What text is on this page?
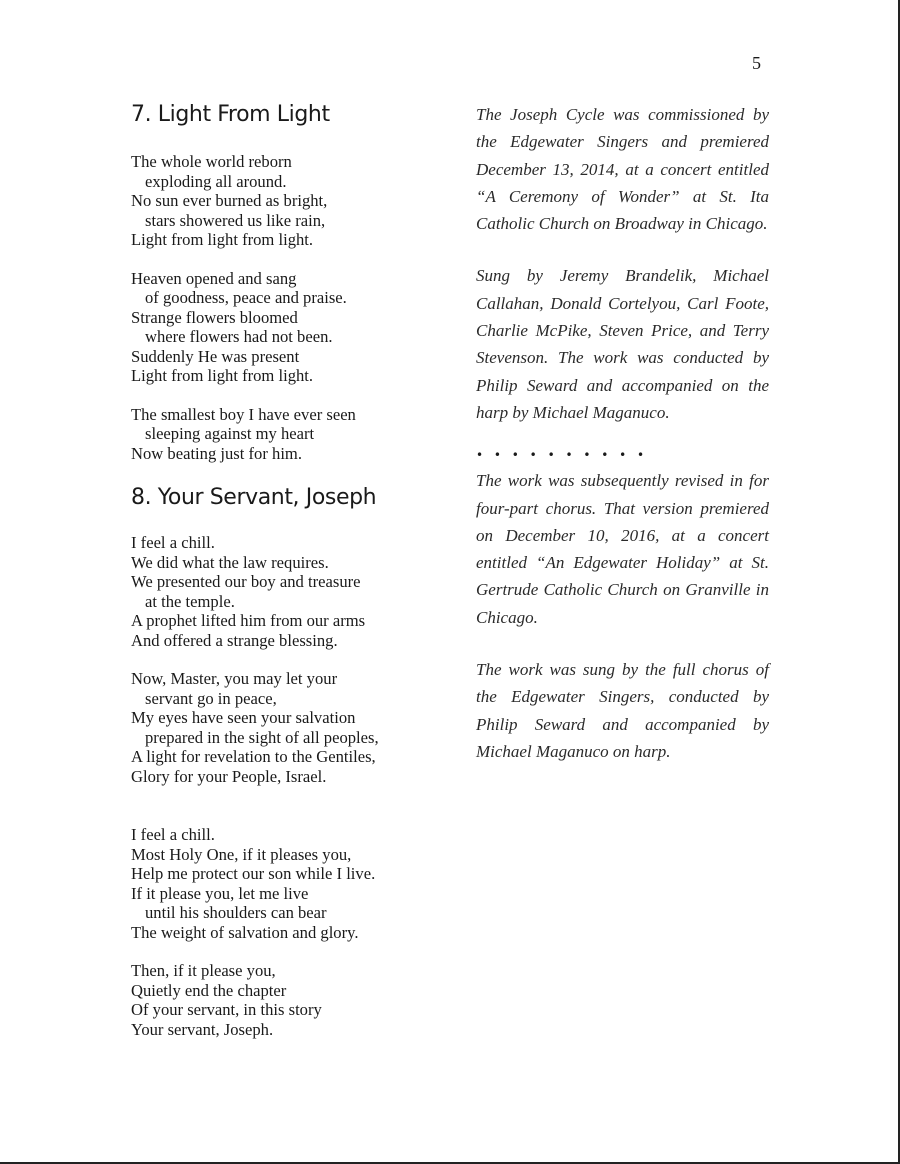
5
7. Light From Light
The whole world reborn
exploding all around.
No sun ever burned as bright,
stars showered us like rain,
Light from light from light.
Heaven opened and sang
of goodness, peace and praise.
Strange flowers bloomed
where flowers had not been.
Suddenly He was present
Light from light from light.
The smallest boy I have ever seen
sleeping against my heart
Now beating just for him.
8. Your Servant, Joseph
I feel a chill.
We did what the law requires.
We presented our boy and treasure
at the temple.
A prophet lifted him from our arms
And offered a strange blessing.
Now, Master, you may let your
servant go in peace,
My eyes have seen your salvation
prepared in the sight of all peoples,
A light for revelation to the Gentiles,
Glory for your People, Israel.
I feel a chill.
Most Holy One, if it pleases you,
Help me protect our son while I live.
If it please you, let me live
until his shoulders can bear
The weight of salvation and glory.
Then, if it please you,
Quietly end the chapter
Of your servant, in this story
Your servant, Joseph.

The Joseph Cycle was commissioned by the Edgewater Singers and premiered December 13, 2014, at a concert entitled “A Ceremony of Wonder” at St. Ita Catholic Church on Broadway in Chicago.

Sung by Jeremy Brandelik, Michael Callahan, Donald Cortelyou, Carl Foote, Charlie McPike, Steven Price, and Terry Stevenson. The work was conducted by Philip Seward and accompanied on the harp by Michael Maganuco.

• • • • • • • • • •

The work was subsequently revised in for four-part chorus. That version premiered on December 10, 2016, at a concert entitled “An Edgewater Holiday” at St. Gertrude Catholic Church on Granville in Chicago.

The work was sung by the full chorus of the Edgewater Singers, conducted by Philip Seward and accompanied by Michael Maganuco on harp.
